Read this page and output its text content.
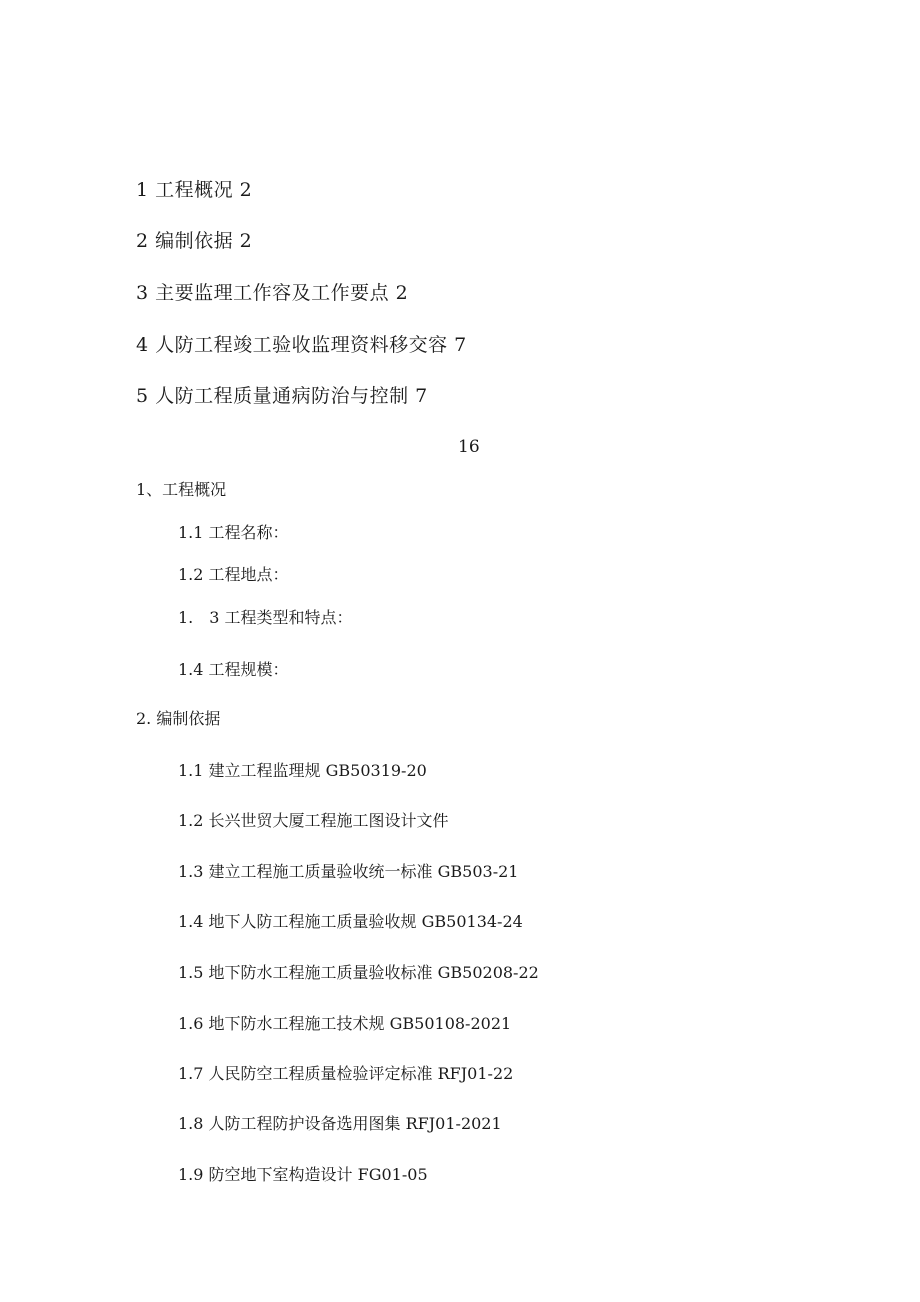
1 工程概况 2
2 编制依据 2
3 主要监理工作容及工作要点 2
4 人防工程竣工验收监理资料移交容 7
5 人防工程质量通病防治与控制 7
16
1、工程概况
1.1 工程名称：
1.2 工程地点：
1.　3 工程类型和特点：
1.4 工程规模：
2. 编制依据
1.1 建立工程监理规 GB50319-20
1.2 长兴世贸大厦工程施工图设计文件
1.3 建立工程施工质量验收统一标准 GB503-21
1.4 地下人防工程施工质量验收规 GB50134-24
1.5 地下防水工程施工质量验收标准 GB50208-22
1.6 地下防水工程施工技术规 GB50108-2021
1.7 人民防空工程质量检验评定标准 RFJ01-22
1.8 人防工程防护设备选用图集 RFJ01-2021
1.9 防空地下室构造设计 FG01-05
